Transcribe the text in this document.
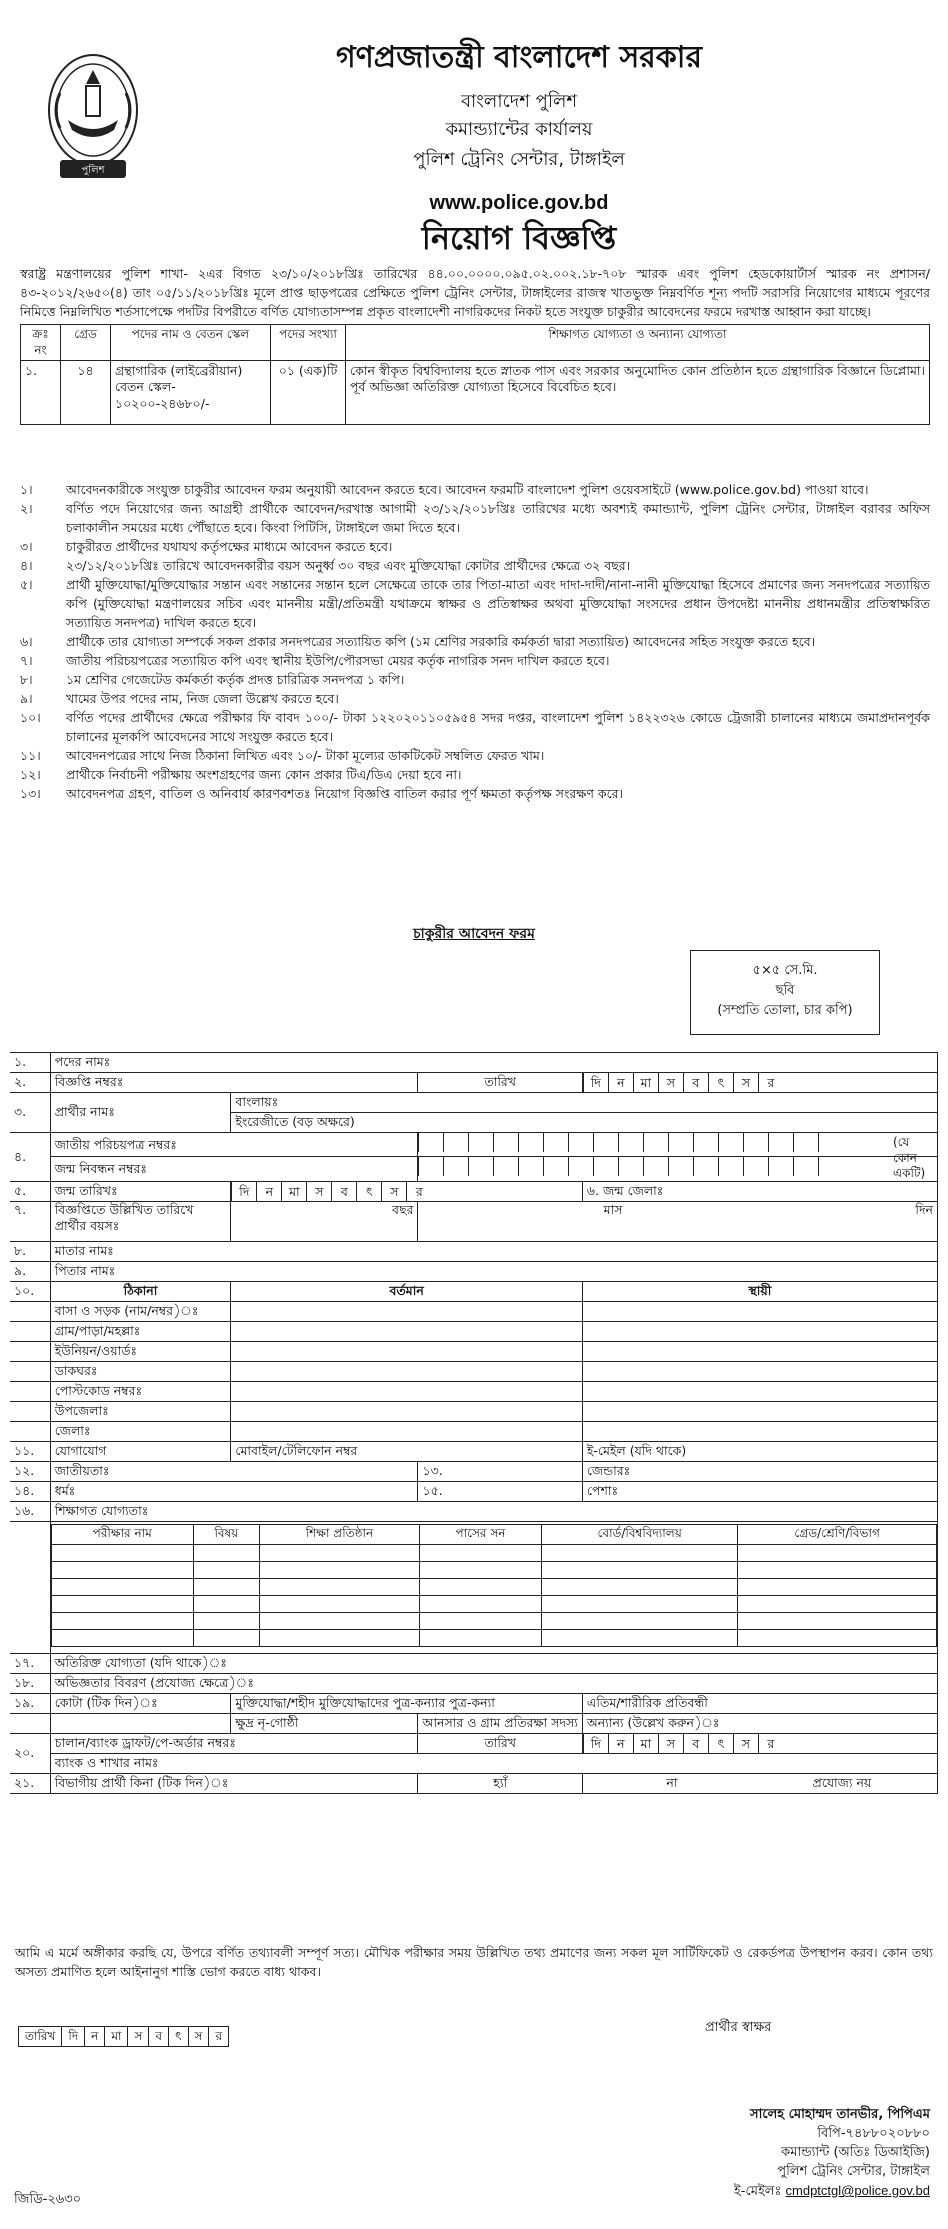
পুলিশ
গণপ্রজাতন্ত্রী বাংলাদেশ সরকার
বাংলাদেশ পুলিশ
কমান্ড্যান্টের কার্যালয়
পুলিশ ট্রেনিং সেন্টার, টাঙ্গাইল
www.police.gov.bd
নিয়োগ বিজ্ঞপ্তি
স্বরাষ্ট্র মন্ত্রণালয়ের পুলিশ শাখা- ২এর বিগত ২৩/১০/২০১৮খ্রিঃ তারিখের ৪৪.০০.০০০০.০৯৫.০২.০০২.১৮-৭০৮ স্মারক এবং পুলিশ হেডকোয়ার্টার্স স্মারক নং প্রশাসন/৪৩-২০১২/২৬৫০(৪) তাং ০৫/১১/২০১৮খ্রিঃ মূলে প্রাপ্ত ছাড়পত্রের প্রেক্ষিতে পুলিশ ট্রেনিং সেন্টার, টাঙ্গাইলের রাজস্ব খাতভুক্ত নিম্নবর্ণিত শূন্য পদটি সরাসরি নিয়োগের মাধ্যমে পূরণের নিমিত্তে নিম্নলিখিত শর্তসাপেক্ষে পদটির বিপরীতে বর্ণিত যোগ্যতাসম্পন্ন প্রকৃত বাংলাদেশী নাগরিকদের নিকট হতে সংযুক্ত চাকুরীর আবেদনের ফরমে দরখাস্ত আহ্বান করা যাচ্ছে।
ক্রঃ নং	গ্রেড	পদের নাম ও বেতন স্কেল	পদের সংখ্যা	শিক্ষাগত যোগ্যতা ও অন্যান্য যোগ্যতা
১.	১৪	গ্রন্থাগারিক (লাইব্রেরীয়ান) বেতন স্কেল- ১০২০০-২৪৬৮০/-	০১ (এক)টি	কোন স্বীকৃত বিশ্ববিদ্যালয় হতে স্নাতক পাস এবং সরকার অনুমোদিত কোন প্রতিষ্ঠান হতে গ্রন্থাগারিক বিজ্ঞানে ডিপ্লোমা। পূর্ব অভিজ্ঞা অতিরিক্ত যোগ্যতা হিসেবে বিবেচিত হবে।
১।	আবেদনকারীকে সংযুক্ত চাকুরীর আবেদন ফরম অনুযায়ী আবেদন করতে হবে। আবেদন ফরমটি বাংলাদেশ পুলিশ ওয়েবসাইটে (www.police.gov.bd) পাওয়া যাবে।
২।	বর্ণিত পদে নিয়োগের জন্য আগ্রহী প্রার্থীকে আবেদন/দরখাস্ত আগামী ২৩/১২/২০১৮খ্রিঃ তারিখের মধ্যে অবশ্যই কমান্ড্যান্ট, পুলিশ ট্রেনিং সেন্টার, টাঙ্গাইল বরাবর অফিস চলাকালীন সময়ের মধ্যে পৌঁছাতে হবে। কিংবা পিটিসি, টাঙ্গাইলে জমা দিতে হবে।
৩।	চাকুরীরত প্রার্থীদের যথাযথ কর্তৃপক্ষের মাধ্যমে আবেদন করতে হবে।
৪।	২৩/১২/২০১৮খ্রিঃ তারিখে আবেদনকারীর বয়স অনুর্ধ্ব ৩০ বছর এবং মুক্তিযোদ্ধা কোটার প্রার্থীদের ক্ষেত্রে ৩২ বছর।
৫।	প্রার্থী মুক্তিযোদ্ধা/মুক্তিযোদ্ধার সন্তান এবং সন্তানের সন্তান হলে সেক্ষেত্রে তাকে তার পিতা-মাতা এবং দাদা-দাদী/নানা-নানী মুক্তিযোদ্ধা হিসেবে প্রমাণের জন্য সনদপত্রের সত্যায়িত কপি (মুক্তিযোদ্ধা মন্ত্রণালয়ের সচিব এবং মাননীয় মন্ত্রী/প্রতিমন্ত্রী যথাক্রমে স্বাক্ষর ও প্রতিস্বাক্ষর অথবা মুক্তিযোদ্ধা সংসদের প্রধান উপদেষ্টা মাননীয় প্রধানমন্ত্রীর প্রতিস্বাক্ষরিত সত্যায়িত সনদপত্র) দাখিল করতে হবে।
৬।	প্রার্থীকে তার যোগ্যতা সম্পর্কে সকল প্রকার সনদপত্রের সত্যায়িত কপি (১ম শ্রেণির সরকারি কর্মকর্তা দ্বারা সত্যায়িত) আবেদনের সহিত সংযুক্ত করতে হবে।
৭।	জাতীয় পরিচয়পত্রের সত্যায়িত কপি এবং স্থানীয় ইউপি/পৌরসভা মেয়র কর্তৃক নাগরিক সনদ দাখিল করতে হবে।
৮।	১ম শ্রেণির গেজেটেড কর্মকর্তা কর্তৃক প্রদত্ত চারিত্রিক সনদপত্র ১ কপি।
৯।	খামের উপর পদের নাম, নিজ জেলা উল্লেখ করতে হবে।
১০।	বর্ণিত পদের প্রার্থীদের ক্ষেত্রে পরীক্ষার ফি বাবদ ১০০/- টাকা ১২২০২০১১০৫৯৫৪ সদর দপ্তর, বাংলাদেশ পুলিশ ১৪২২৩২৬ কোডে ট্রেজারী চালানের মাধ্যমে জমাপ্রদানপূর্বক চালানের মূলকপি আবেদনের সাথে সংযুক্ত করতে হবে।
১১।	আবেদনপত্রের সাথে নিজ ঠিকানা লিখিত এবং ১০/- টাকা মূল্যের ডাকটিকেট সম্বলিত ফেরত খাম।
১২।	প্রার্থীকে নির্বাচনী পরীক্ষায় অংশগ্রহণের জন্য কোন প্রকার টিএ/ডিএ দেয়া হবে না।
১৩।	আবেদনপত্র গ্রহণ, বাতিল ও অনিবার্য কারণবশতঃ নিয়োগ বিজ্ঞপ্তি বাতিল করার পূর্ণ ক্ষমতা কর্তৃপক্ষ সংরক্ষণ করে।
চাকুরীর আবেদন ফরম
৫×৫ সে.মি.
ছবি
(সম্প্রতি তোলা, চার কপি)
১.	পদের নামঃ
২.	বিজ্ঞপ্তি নম্বরঃ	তারিখ	দি ন মা স ব ৎ স র

৩.	প্রার্থীর নামঃ	বাংলায়ঃ
ইংরেজীতে (বড় অক্ষরে)
৪.	জাতীয় পরিচয়পত্র নম্বরঃ	(যে কোন একটি)

জন্ম নিবন্ধন নম্বরঃ	
৫.	জন্ম তারিখঃ	দি ন মা স ব ৎ স র	৬. জন্ম জেলাঃ
৭.	বিজ্ঞপ্তিতে উল্লিখিত তারিখে প্রার্থীর বয়সঃ	বছর	মাস	দিন

৮.	মাতার নামঃ
৯.	পিতার নামঃ
১০.	ঠিকানা	বর্তমান	স্থায়ী
	বাসা ও সড়ক (নাম/নম্বর)ঃ		
	গ্রাম/পাড়া/মহল্লাঃ		
	ইউনিয়ন/ওয়ার্ডঃ		
	ডাকঘরঃ		
	পোস্টকোড নম্বরঃ		
	উপজেলাঃ		
	জেলাঃ		
১১.	যোগাযোগ	মোবাইল/টেলিফোন নম্বর	ই-মেইল (যদি থাকে)
১২.	জাতীয়তাঃ	১৩.	জেন্ডারঃ
১৪.	ধর্মঃ	১৫.	পেশাঃ
১৬.	শিক্ষাগত যোগ্যতাঃ

পরীক্ষার নাম	বিষয়	শিক্ষা প্রতিষ্ঠান	পাসের সন	বোর্ড/বিশ্ববিদ্যালয়	গ্রেড/শ্রেণি/বিভাগ

১৭.	অতিরিক্ত যোগ্যতা (যদি থাকে)ঃ
১৮.	অভিজ্ঞতার বিবরণ (প্রযোজ্য ক্ষেত্রে)ঃ
১৯.	কোটা (টিক দিন)ঃ	মুক্তিযোদ্ধা/শহীদ মুক্তিযোদ্ধাদের পুত্র-কন্যার পুত্র-কন্যা	এতিম/শারীরিক প্রতিবন্ধী
		ক্ষুদ্র নৃ-গোষ্ঠী	আনসার ও গ্রাম প্রতিরক্ষা সদস্য	অন্যান্য (উল্লেখ করুন)ঃ
২০.	চালান/ব্যাংক ড্রাফট/পে-অর্ডার নম্বরঃ	তারিখ	দি ন মা স ব ৎ স র

ব্যাংক ও শাখার নামঃ
২১.	বিভাগীয় প্রার্থী কিনা (টিক দিন)ঃ	হ্যাঁ	না	প্রযোজ্য নয়
আমি এ মর্মে অঙ্গীকার করছি যে, উপরে বর্ণিত তথ্যাবলী সম্পূর্ণ সত্য। মৌখিক পরীক্ষার সময় উল্লিখিত তথ্য প্রমাণের জন্য সকল মূল সার্টিফিকেট ও রেকর্ডপত্র উপস্থাপন করব। কোন তথ্য অসত্য প্রমাণিত হলে আইনানুগ শাস্তি ভোগ করতে বাধ্য থাকব।
তারিখ	দি	ন	মা	স	ব	ৎ	স	র
প্রার্থীর স্বাক্ষর
সালেহ মোহাম্মদ তানভীর, পিপিএম
বিপি-৭৪৮৮০২০৮৮০
কমান্ড্যান্ট (অতিঃ ডিআইজি)
পুলিশ ট্রেনিং সেন্টার, টাঙ্গাইল
ই-মেইলঃ cmdptctgl@police.gov.bd
জিডি-২৬৩০
